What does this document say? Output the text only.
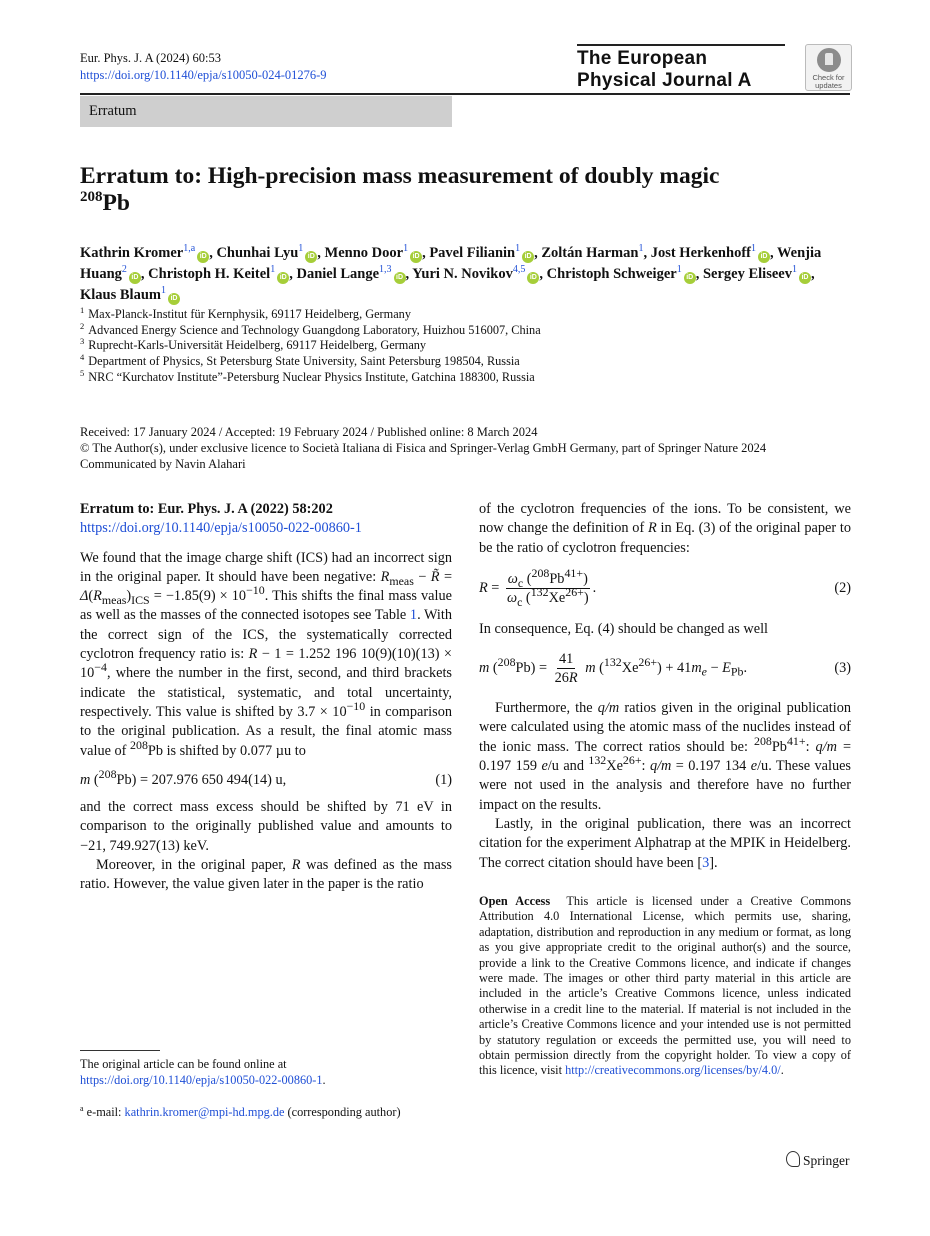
Eur. Phys. J. A (2024) 60:53
https://doi.org/10.1140/epja/s10050-024-01276-9
The European
Physical Journal A	Check for updates
Erratum
Erratum to: High-precision mass measurement of doubly magic
$^{208}$Pb
Kathrin Kromer$^{1,a}$iD , Chunhai Lyu$^1$iD , Menno Door$^1$iD , Pavel Filianin$^1$iD , Zoltán Harman$^1$, Jost Herkenhoff$^1$iD , Wenjia Huang$^2$iD , Christoph H. Keitel$^1$iD , Daniel Lange$^{1,3}$iD , Yuri N. Novikov$^{4,5}$iD , Christoph Schweiger$^1$iD , Sergey Eliseev$^1$iD , Klaus Blaum$^1$iD
$^1$ Max-Planck-Institut für Kernphysik, 69117 Heidelberg, Germany
$^2$ Advanced Energy Science and Technology Guangdong Laboratory, Huizhou 516007, China
$^3$ Ruprecht-Karls-Universität Heidelberg, 69117 Heidelberg, Germany
$^4$ Department of Physics, St Petersburg State University, Saint Petersburg 198504, Russia
$^5$ NRC “Kurchatov Institute”-Petersburg Nuclear Physics Institute, Gatchina 188300, Russia
Received: 17 January 2024 / Accepted: 19 February 2024 / Published online: 8 March 2024
© The Author(s), under exclusive licence to Società Italiana di Fisica and Springer-Verlag GmbH Germany, part of Springer Nature 2024
Communicated by Navin Alahari

Erratum to: Eur. Phys. J. A (2022) 58:202

https://doi.org/10.1140/epja/s10050-022-00860-1

We found that the image charge shift (ICS) had an incorrect sign in the original paper. It should have been negative: $R_{meas}$ − R̃ = $\Delta(R_{meas})_{ICS} = -1.85(9) \times 10^{-10}$. This shifts the final mass value as well as the masses of the connected isotopes see Table 1. With the correct sign of the ICS, the systematically corrected cyclotron frequency ratio is: R − 1 = 1.252 196 $10(9)(10)(13) \times 10^{-4}$, where the number in the first, second, and third brackets indicate the statistical, systematic, and total uncertainty, respectively. This value is shifted by $3.7 \times 10^{-10}$ in comparison to the original publication. As a result, the final atomic mass value of $^{208}$Pb is shifted by 0.077 µu to

m ($^{208}$Pb) = 207.976 650 494(14) u,	(1)

and the correct mass excess should be shifted by 71 eV in comparison to the originally published value and amounts to −21, 749.927(13) keV.

Moreover, in the original paper, R was defined as the mass ratio. However, the value given later in the paper is the ratio

of the cyclotron frequencies of the ions. To be consistent, we now change the definition of R in Eq. (3) of the original paper to be the ratio of cyclotron frequencies:

$R = \frac{\omega_c (^{208}Pb^{41+})}{\omega_c (^{132}Xe^{26+})}$ .	(2)

In consequence, Eq. (4) should be changed as well

m $(^{208}Pb) = \frac{41}{26R}$ m $(^{132}Xe^{26+}) + 41m_e - E_{Pb}$.	(3)

Furthermore, the q/m ratios given in the original publication were calculated using the atomic mass of the nuclides instead of the ionic mass. The correct ratios should be: $^{208}Pb^{41+}$: q/m = 0.197 159 e/u and $^{132}Xe^{26+}$: q/m = 0.197 134 e/u. These values were not used in the analysis and therefore have no further impact on the results.

Lastly, in the original publication, there was an incorrect citation for the experiment Alphatrap at the MPIK in Heidelberg. The correct citation should have been [3].

Open Access This article is licensed under a Creative Commons Attribution 4.0 International License, which permits use, sharing, adaptation, distribution and reproduction in any medium or format, as long as you give appropriate credit to the original author(s) and the source, provide a link to the Creative Commons licence, and indicate if changes were made. The images or other third party material in this article are included in the article’s Creative Commons licence, unless indicated otherwise in a credit line to the material. If material is not included in the article’s Creative Commons licence and your intended use is not permitted by statutory regulation or exceeds the permitted use, you will need to obtain permission directly from the copyright holder. To view a copy of this licence, visit http://creativecommons.org/licenses/by/4.0/.
The original article can be found online at https://doi.org/10.1140/epja/s10050-022-00860-1.
$^a$ e-mail: kathrin.kromer@mpi-hd.mpg.de (corresponding author)
Springer
